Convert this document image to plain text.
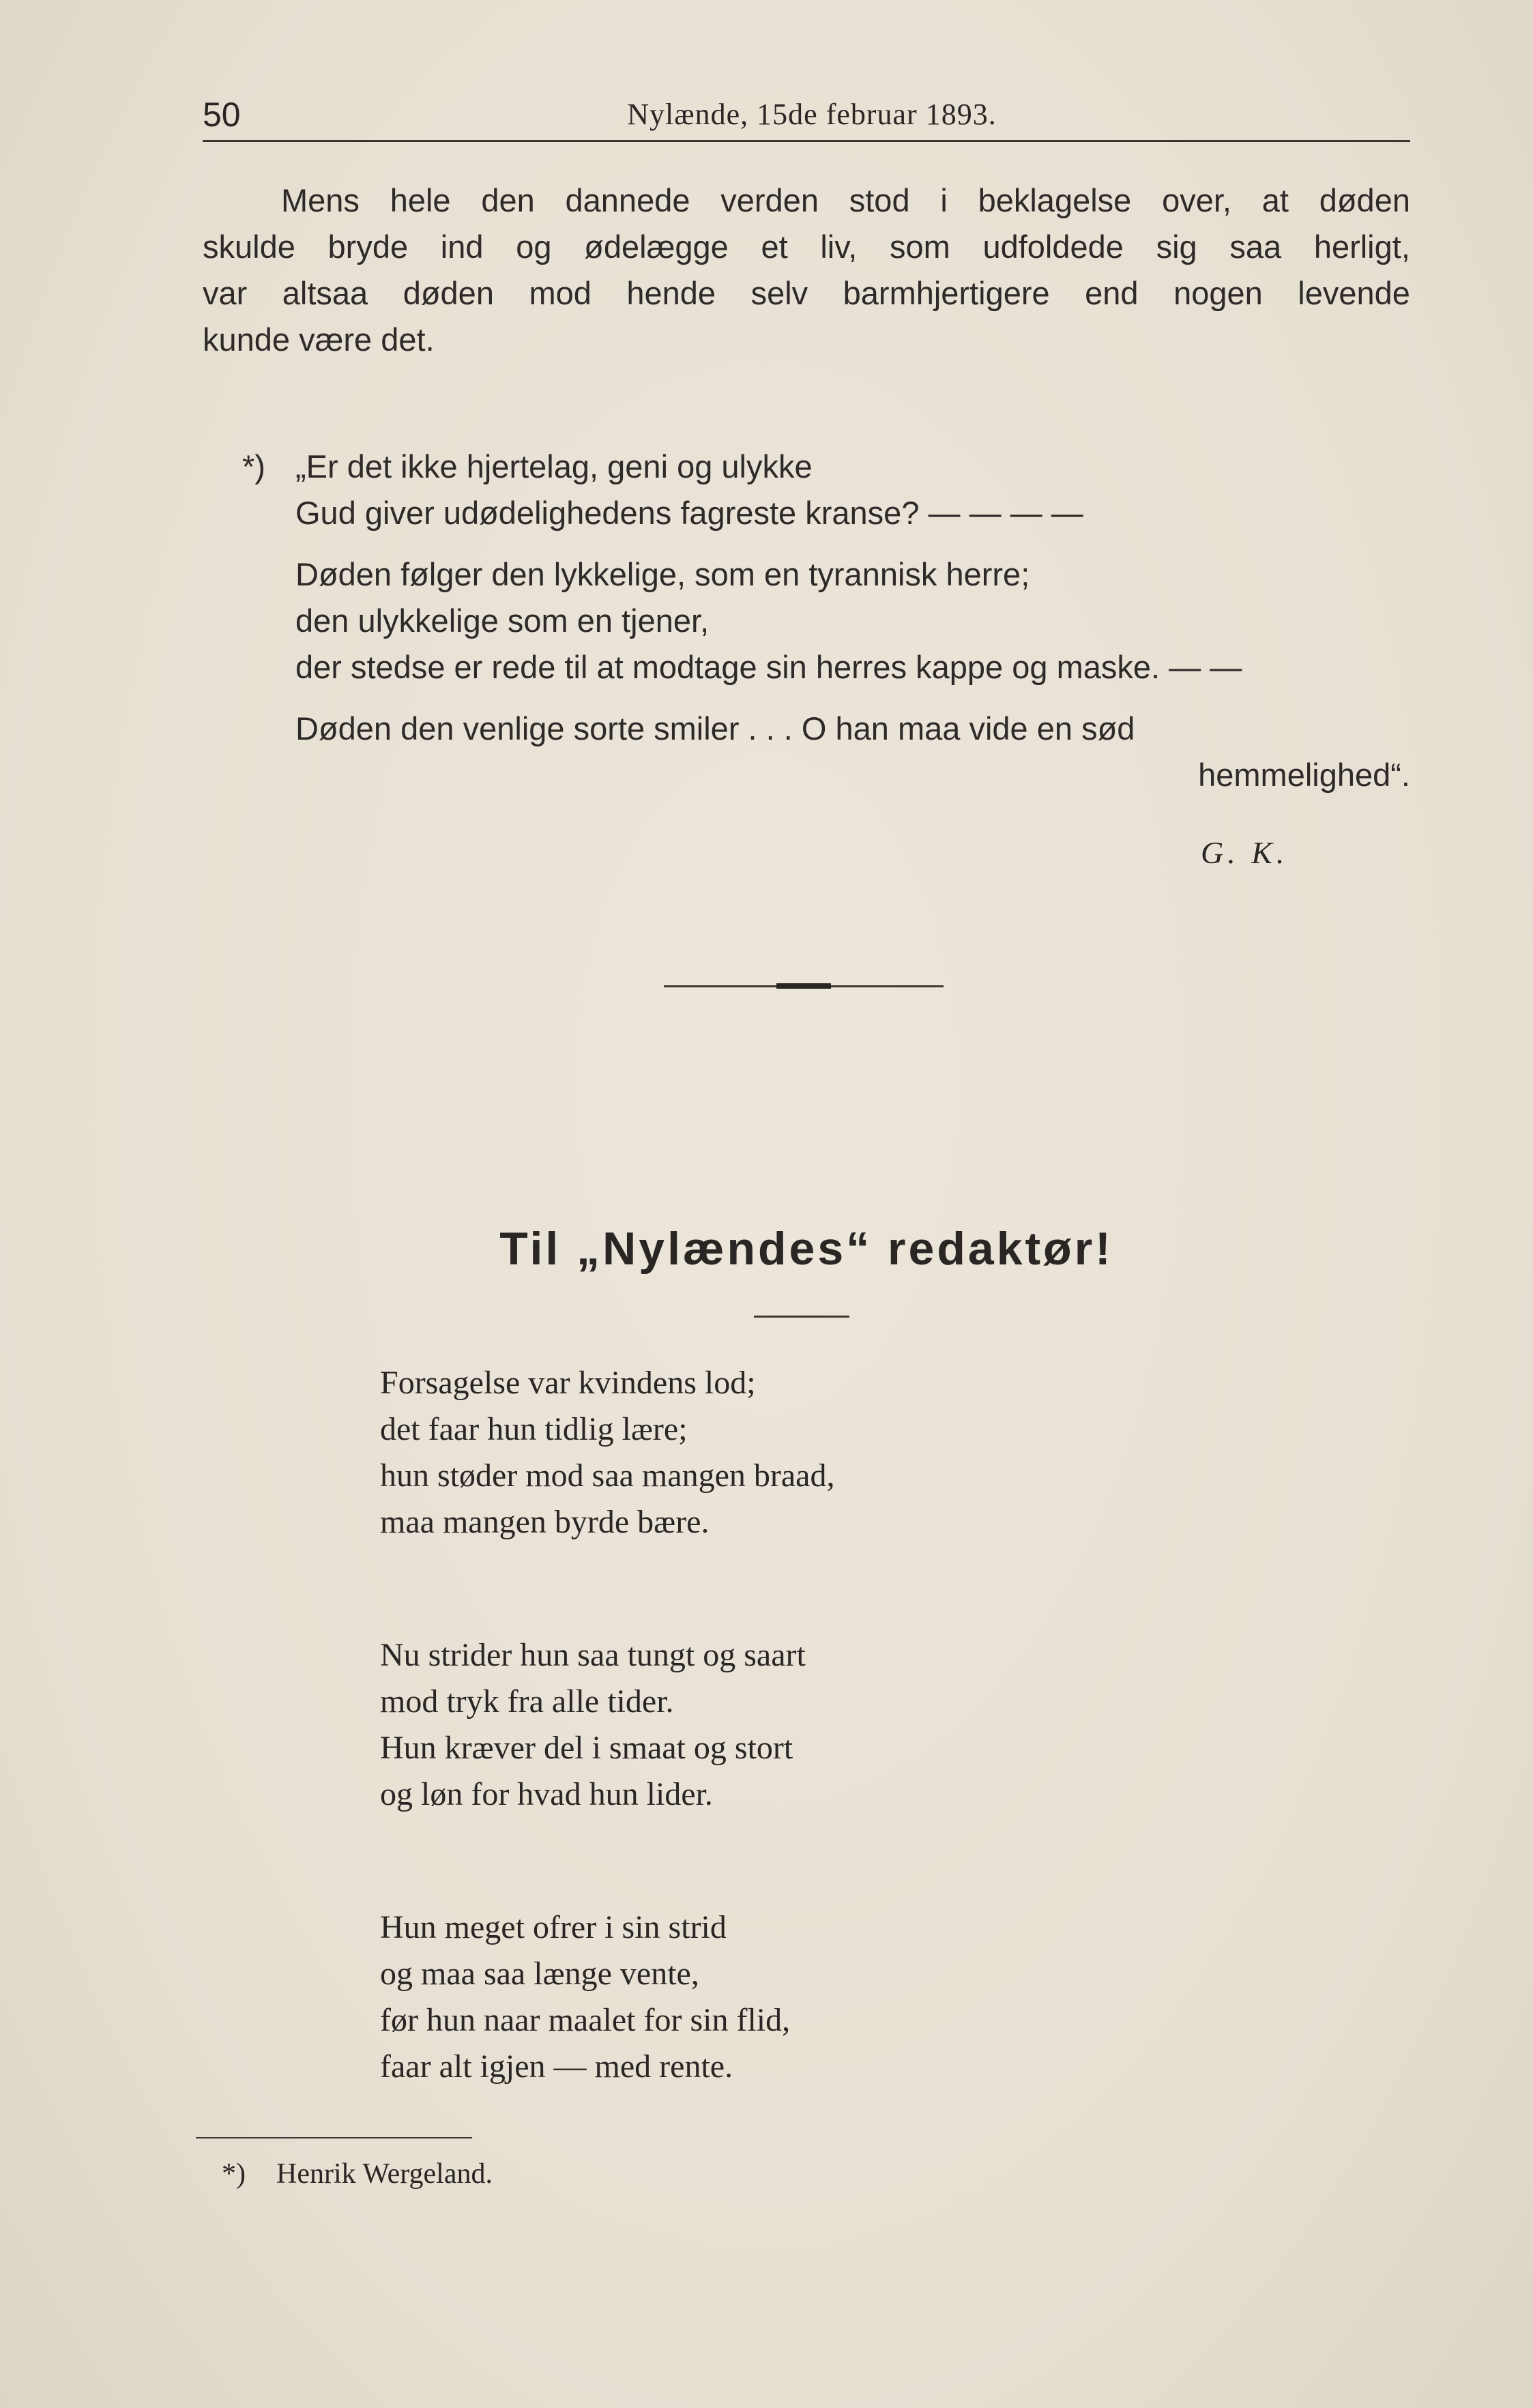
50	Nylænde, 15de februar 1893.
Mens hele den dannede verden stod i beklagelse over, at døden
skulde bryde ind og ødelægge et liv, som udfoldede sig saa herligt,
var altsaa døden mod hende selv barmhjertigere end nogen levende
kunde være det.
*) „Er det ikke hjertelag, geni og ulykke
Gud giver udødelighedens fagreste kranse? — — — —
Døden følger den lykkelige, som en tyrannisk herre;
den ulykkelige som en tjener,
der stedse er rede til at modtage sin herres kappe og maske. — —
Døden den venlige sorte smiler . . . O han maa vide en sød
hemmelighed“.
G. K.
Til „Nylændes“ redaktør!
Forsagelse var kvindens lod;
det faar hun tidlig lære;
hun støder mod saa mangen braad,
maa mangen byrde bære.
Nu strider hun saa tungt og saart
mod tryk fra alle tider.
Hun kræver del i smaat og stort
og løn for hvad hun lider.
Hun meget ofrer i sin strid
og maa saa længe vente,
før hun naar maalet for sin flid,
faar alt igjen — med rente.
*) Henrik Wergeland.
